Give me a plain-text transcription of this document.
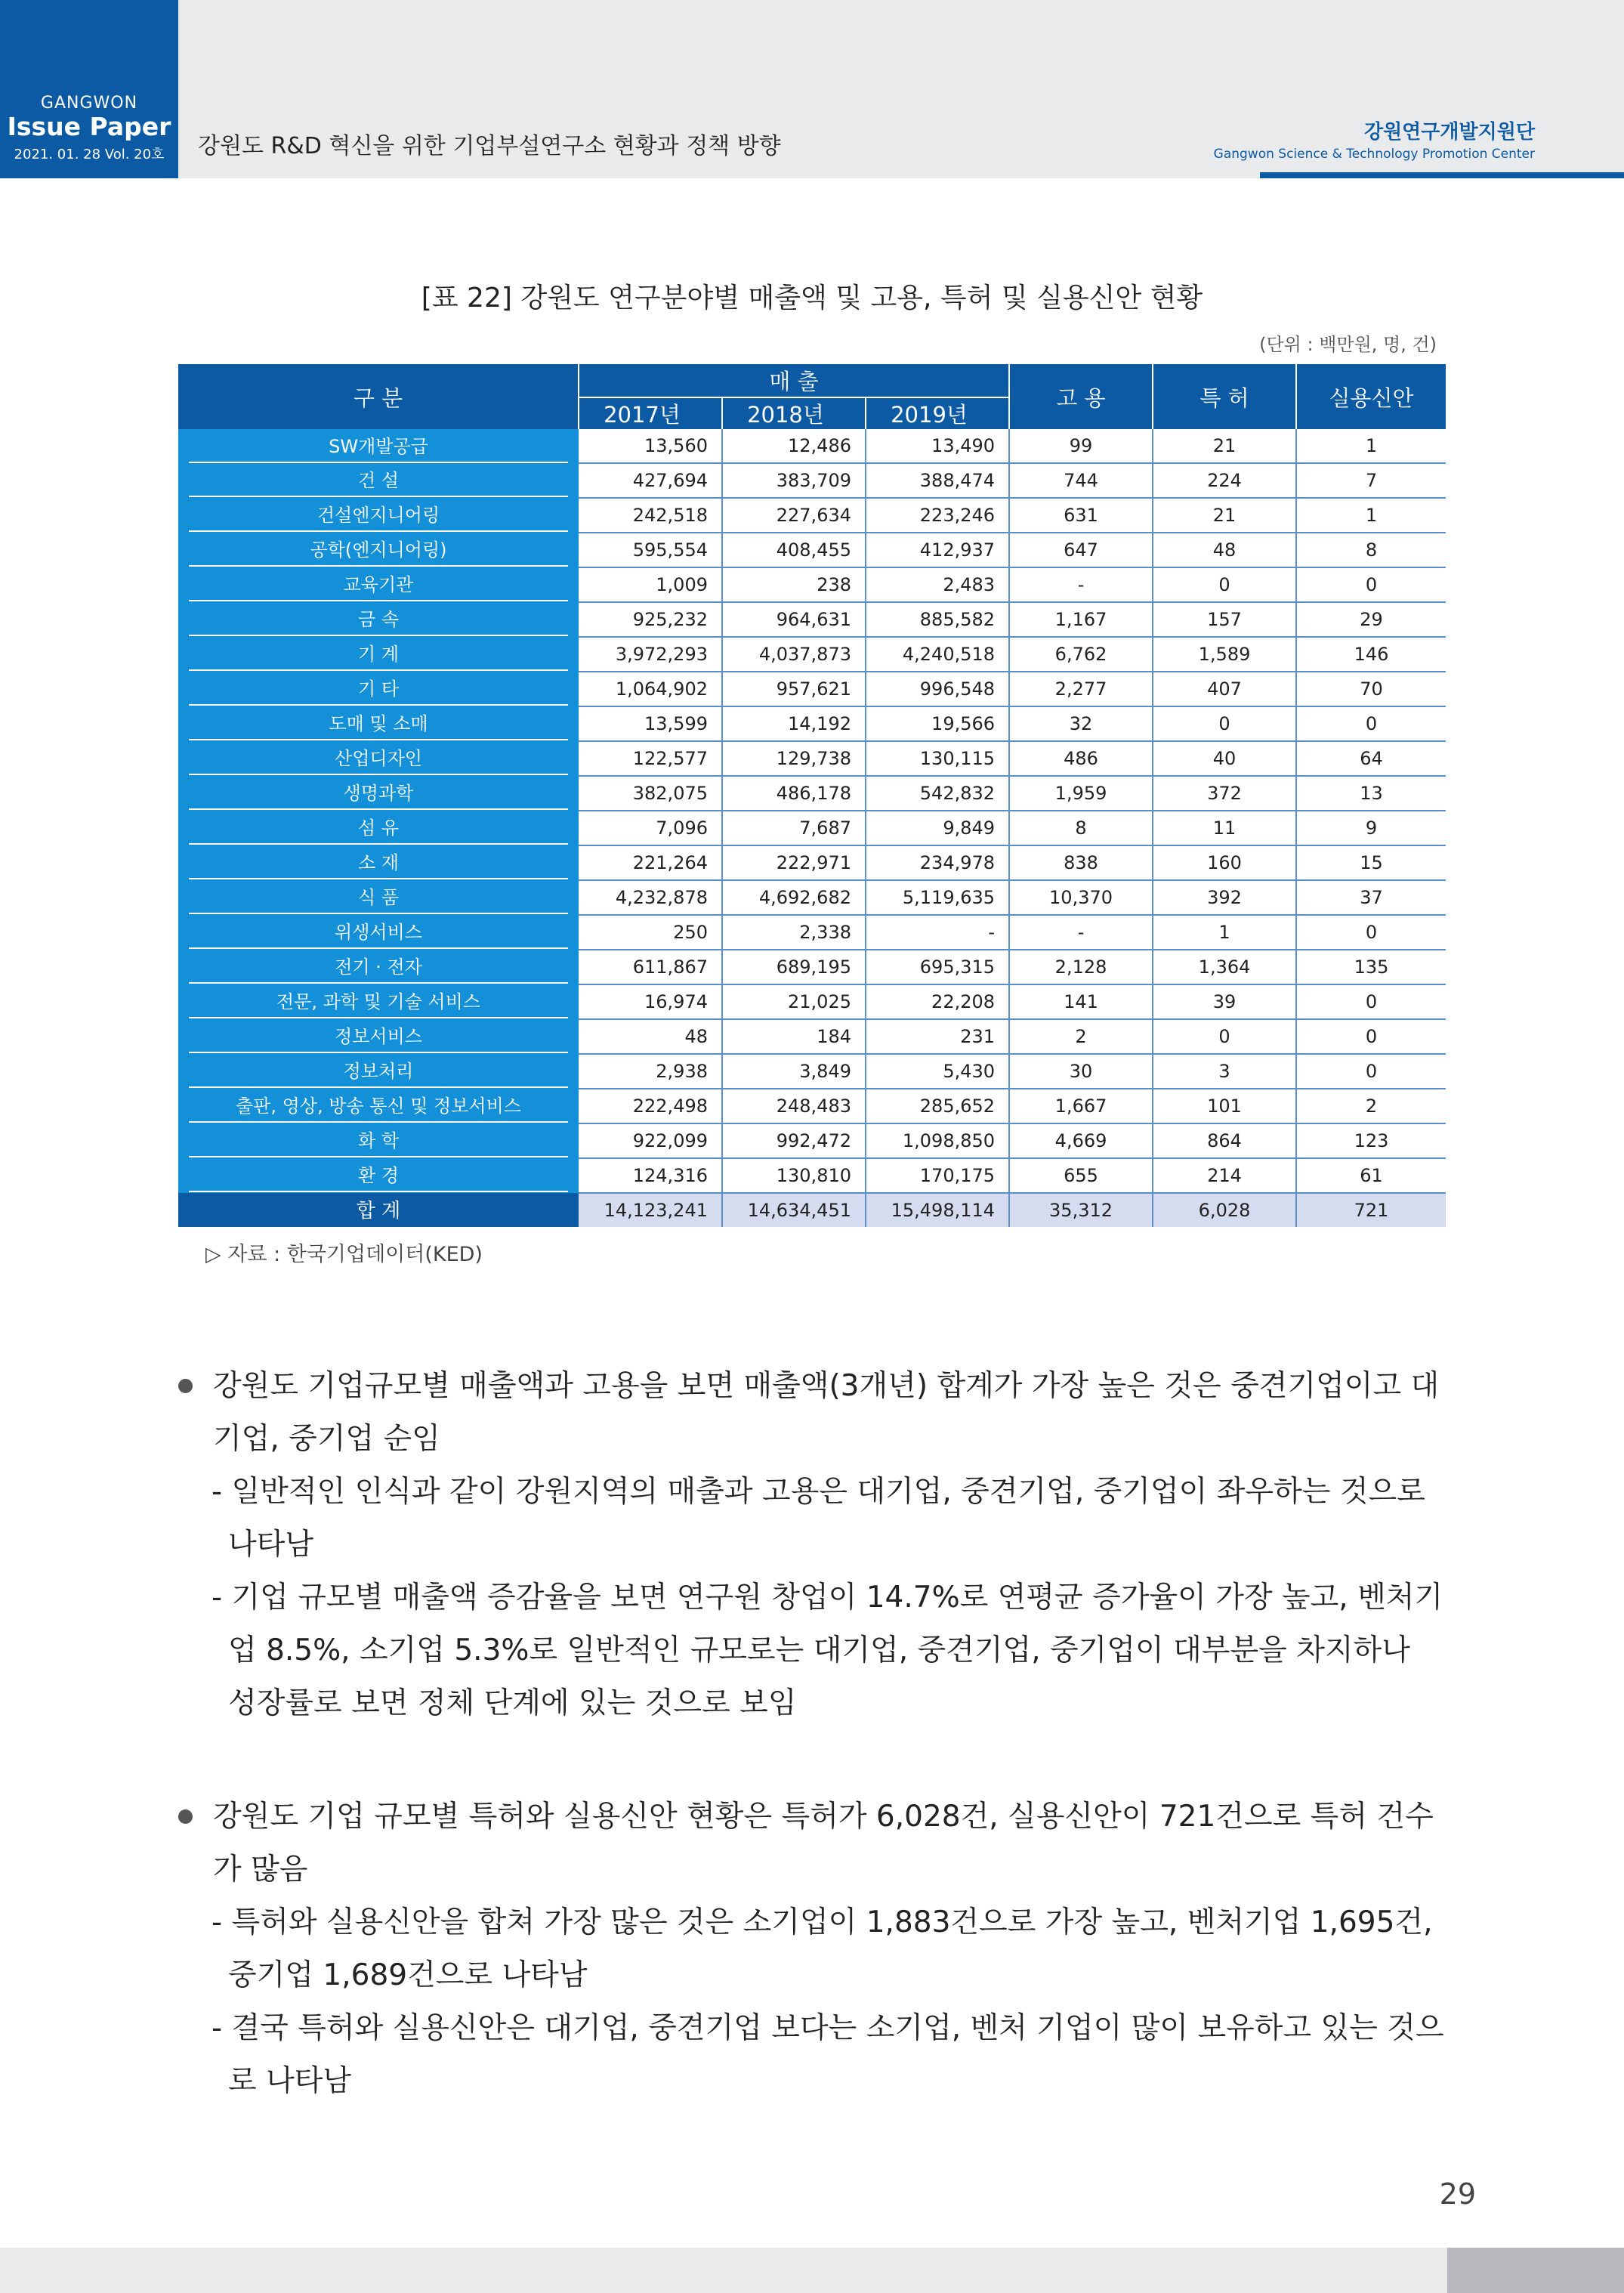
GANGWON
Issue Paper
2021. 01. 28 Vol. 20호	강원도 R&D 혁신을 위한 기업부설연구소 현황과 정책 방향
강원연구개발지원단
Gangwon Science & Technology Promotion Center
[표 22] 강원도 연구분야별 매출액 및 고용, 특허 및 실용신안 현황
(단위 : 백만원, 명, 건)
구 분	매 출			고 용	특 허	실용신안
	2017년	2018년	2019년			

SW개발공급	13,560	12,486	13,490	99	21	1

건 설	427,694	383,709	388,474	744	224	7

건설엔지니어링	242,518	227,634	223,246	631	21	1

공학(엔지니어링)	595,554	408,455	412,937	647	48	8

교육기관	1,009	238	2,483	-	0	0

금 속	925,232	964,631	885,582	1,167	157	29

기 계	3,972,293	4,037,873	4,240,518	6,762	1,589	146

기 타	1,064,902	957,621	996,548	2,277	407	70

도매 및 소매	13,599	14,192	19,566	32	0	0

산업디자인	122,577	129,738	130,115	486	40	64

생명과학	382,075	486,178	542,832	1,959	372	13

섬 유	7,096	7,687	9,849	8	11	9

소 재	221,264	222,971	234,978	838	160	15

식 품	4,232,878	4,692,682	5,119,635	10,370	392	37

위생서비스	250	2,338	-	-	1	0

전기 · 전자	611,867	689,195	695,315	2,128	1,364	135

전문, 과학 및 기술 서비스	16,974	21,025	22,208	141	39	0

정보서비스	48	184	231	2	0	0

정보처리	2,938	3,849	5,430	30	3	0

출판, 영상, 방송 통신 및 정보서비스	222,498	248,483	285,652	1,667	101	2

화 학	922,099	992,472	1,098,850	4,669	864	123

환 경	124,316	130,810	170,175	655	214	61

합 계	14,123,241	14,634,451	15,498,114	35,312	6,028	721
▷ 자료 : 한국기업데이터(KED)
강원도 기업규모별 매출액과 고용을 보면 매출액(3개년) 합계가 가장 높은 것은 중견기업이고 대기업, 중기업 순임
- 일반적인 인식과 같이 강원지역의 매출과 고용은 대기업, 중견기업, 중기업이 좌우하는 것으로 나타남
- 기업 규모별 매출액 증감율을 보면 연구원 창업이 14.7%로 연평균 증가율이 가장 높고, 벤처기업 8.5%, 소기업 5.3%로 일반적인 규모로는 대기업, 중견기업, 중기업이 대부분을 차지하나 성장률로 보면 정체 단계에 있는 것으로 보임
강원도 기업 규모별 특허와 실용신안 현황은 특허가 6,028건, 실용신안이 721건으로 특허 건수가 많음
- 특허와 실용신안을 합쳐 가장 많은 것은 소기업이 1,883건으로 가장 높고, 벤처기업 1,695건, 중기업 1,689건으로 나타남
- 결국 특허와 실용신안은 대기업, 중견기업 보다는 소기업, 벤처 기업이 많이 보유하고 있는 것으로 나타남
29
